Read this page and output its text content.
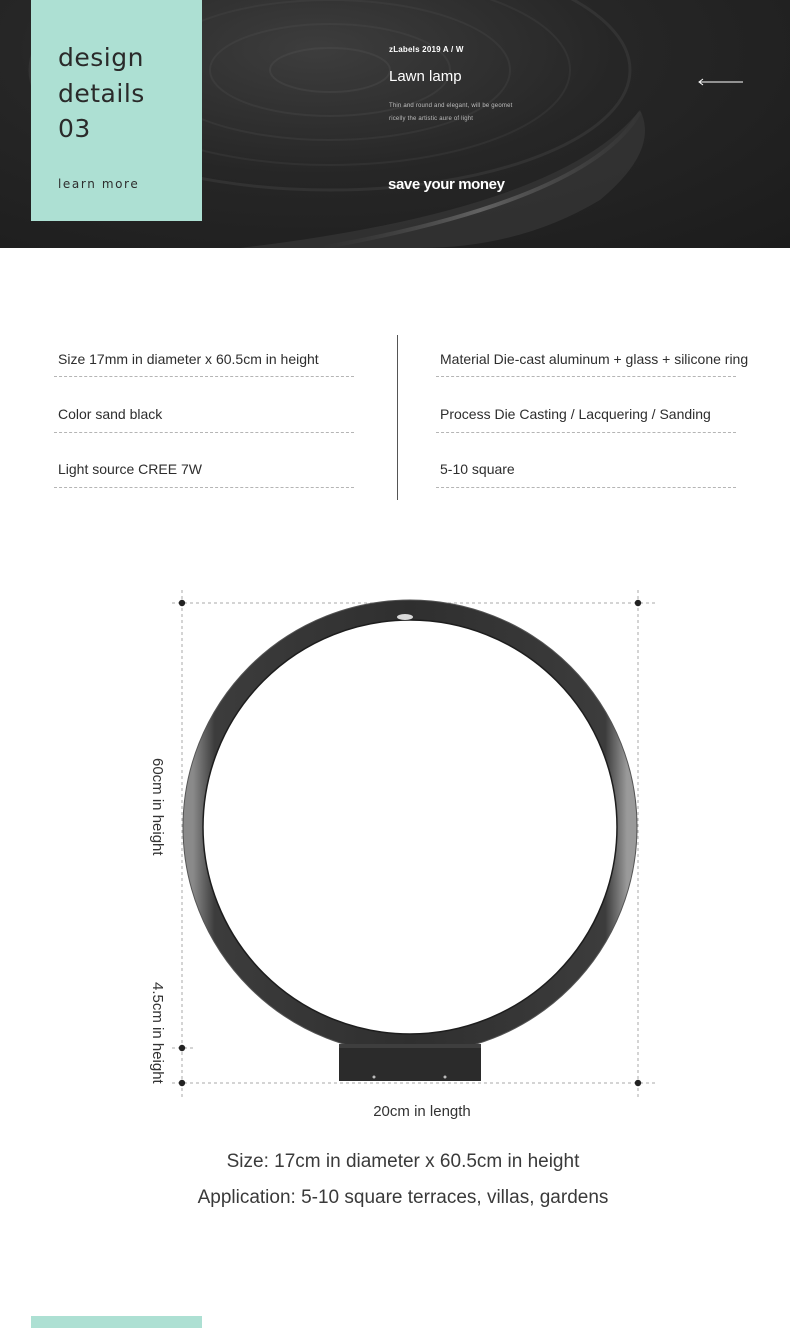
design
details
03
learn more
zLabels 2019 A / W
Lawn lamp
Thin and round and elegant, will be geomet
ricelly the artistic aure of light
save your money
Size 17mm in diameter x 60.5cm in height
Color sand black
Light source CREE 7W
Material Die-cast aluminum + glass + silicone ring
Process Die Casting / Lacquering / Sanding
5-10 square
60cm in height
4.5cm in height
20cm in length
Size: 17cm in diameter x 60.5cm in height
Application: 5-10 square terraces, villas, gardens
